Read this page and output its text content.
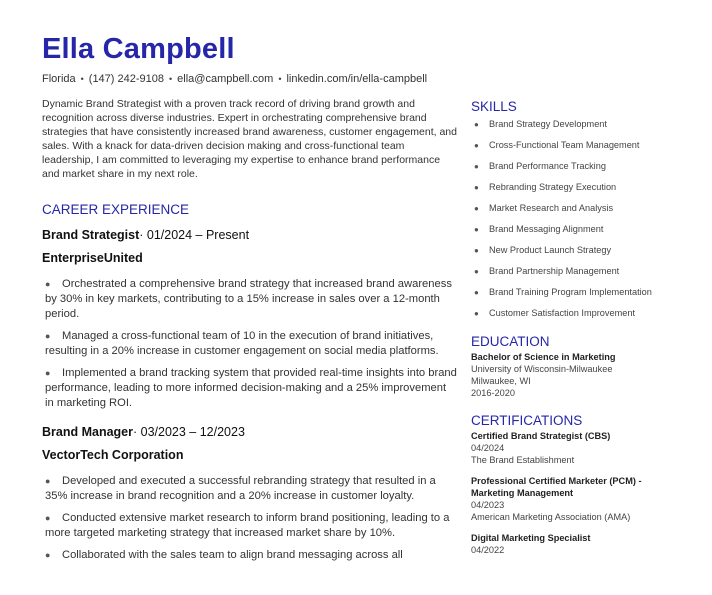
Ella Campbell
Florida • (147) 242-9108 • ella@campbell.com • linkedin.com/in/ella-campbell

Dynamic Brand Strategist with a proven track record of driving brand growth and recognition across diverse industries. Expert in orchestrating comprehensive brand strategies that have consistently increased brand awareness, customer engagement, and sales. With a knack for data-driven decision making and cross-functional team leadership, I am committed to leveraging my expertise to enhance brand performance and market share in my next role.

CAREER EXPERIENCE
Brand Strategist· 01/2024 – Present
EnterpriseUnited
● Orchestrated a comprehensive brand strategy that increased brand awareness by 30% in key markets, contributing to a 15% increase in sales over a 12-month period.
● Managed a cross-functional team of 10 in the execution of brand initiatives, resulting in a 20% increase in customer engagement on social media platforms.
● Implemented a brand tracking system that provided real-time insights into brand performance, leading to more informed decision-making and a 25% improvement in marketing ROI.
Brand Manager· 03/2023 – 12/2023
VectorTech Corporation
● Developed and executed a successful rebranding strategy that resulted in a 35% increase in brand recognition and a 20% increase in customer loyalty.
● Conducted extensive market research to inform brand positioning, leading to a more targeted marketing strategy that increased market share by 10%.
● Collaborated with the sales team to align brand messaging across all
SKILLS
● Brand Strategy Development
● Cross-Functional Team Management
● Brand Performance Tracking
● Rebranding Strategy Execution
● Market Research and Analysis
● Brand Messaging Alignment
● New Product Launch Strategy
● Brand Partnership Management
● Brand Training Program Implementation
● Customer Satisfaction Improvement
EDUCATION
Bachelor of Science in Marketing
University of Wisconsin-Milwaukee
Milwaukee, WI
2016-2020
CERTIFICATIONS
Certified Brand Strategist (CBS)
04/2024
The Brand Establishment
Professional Certified Marketer (PCM) - Marketing Management
04/2023
American Marketing Association (AMA)
Digital Marketing Specialist
04/2022
